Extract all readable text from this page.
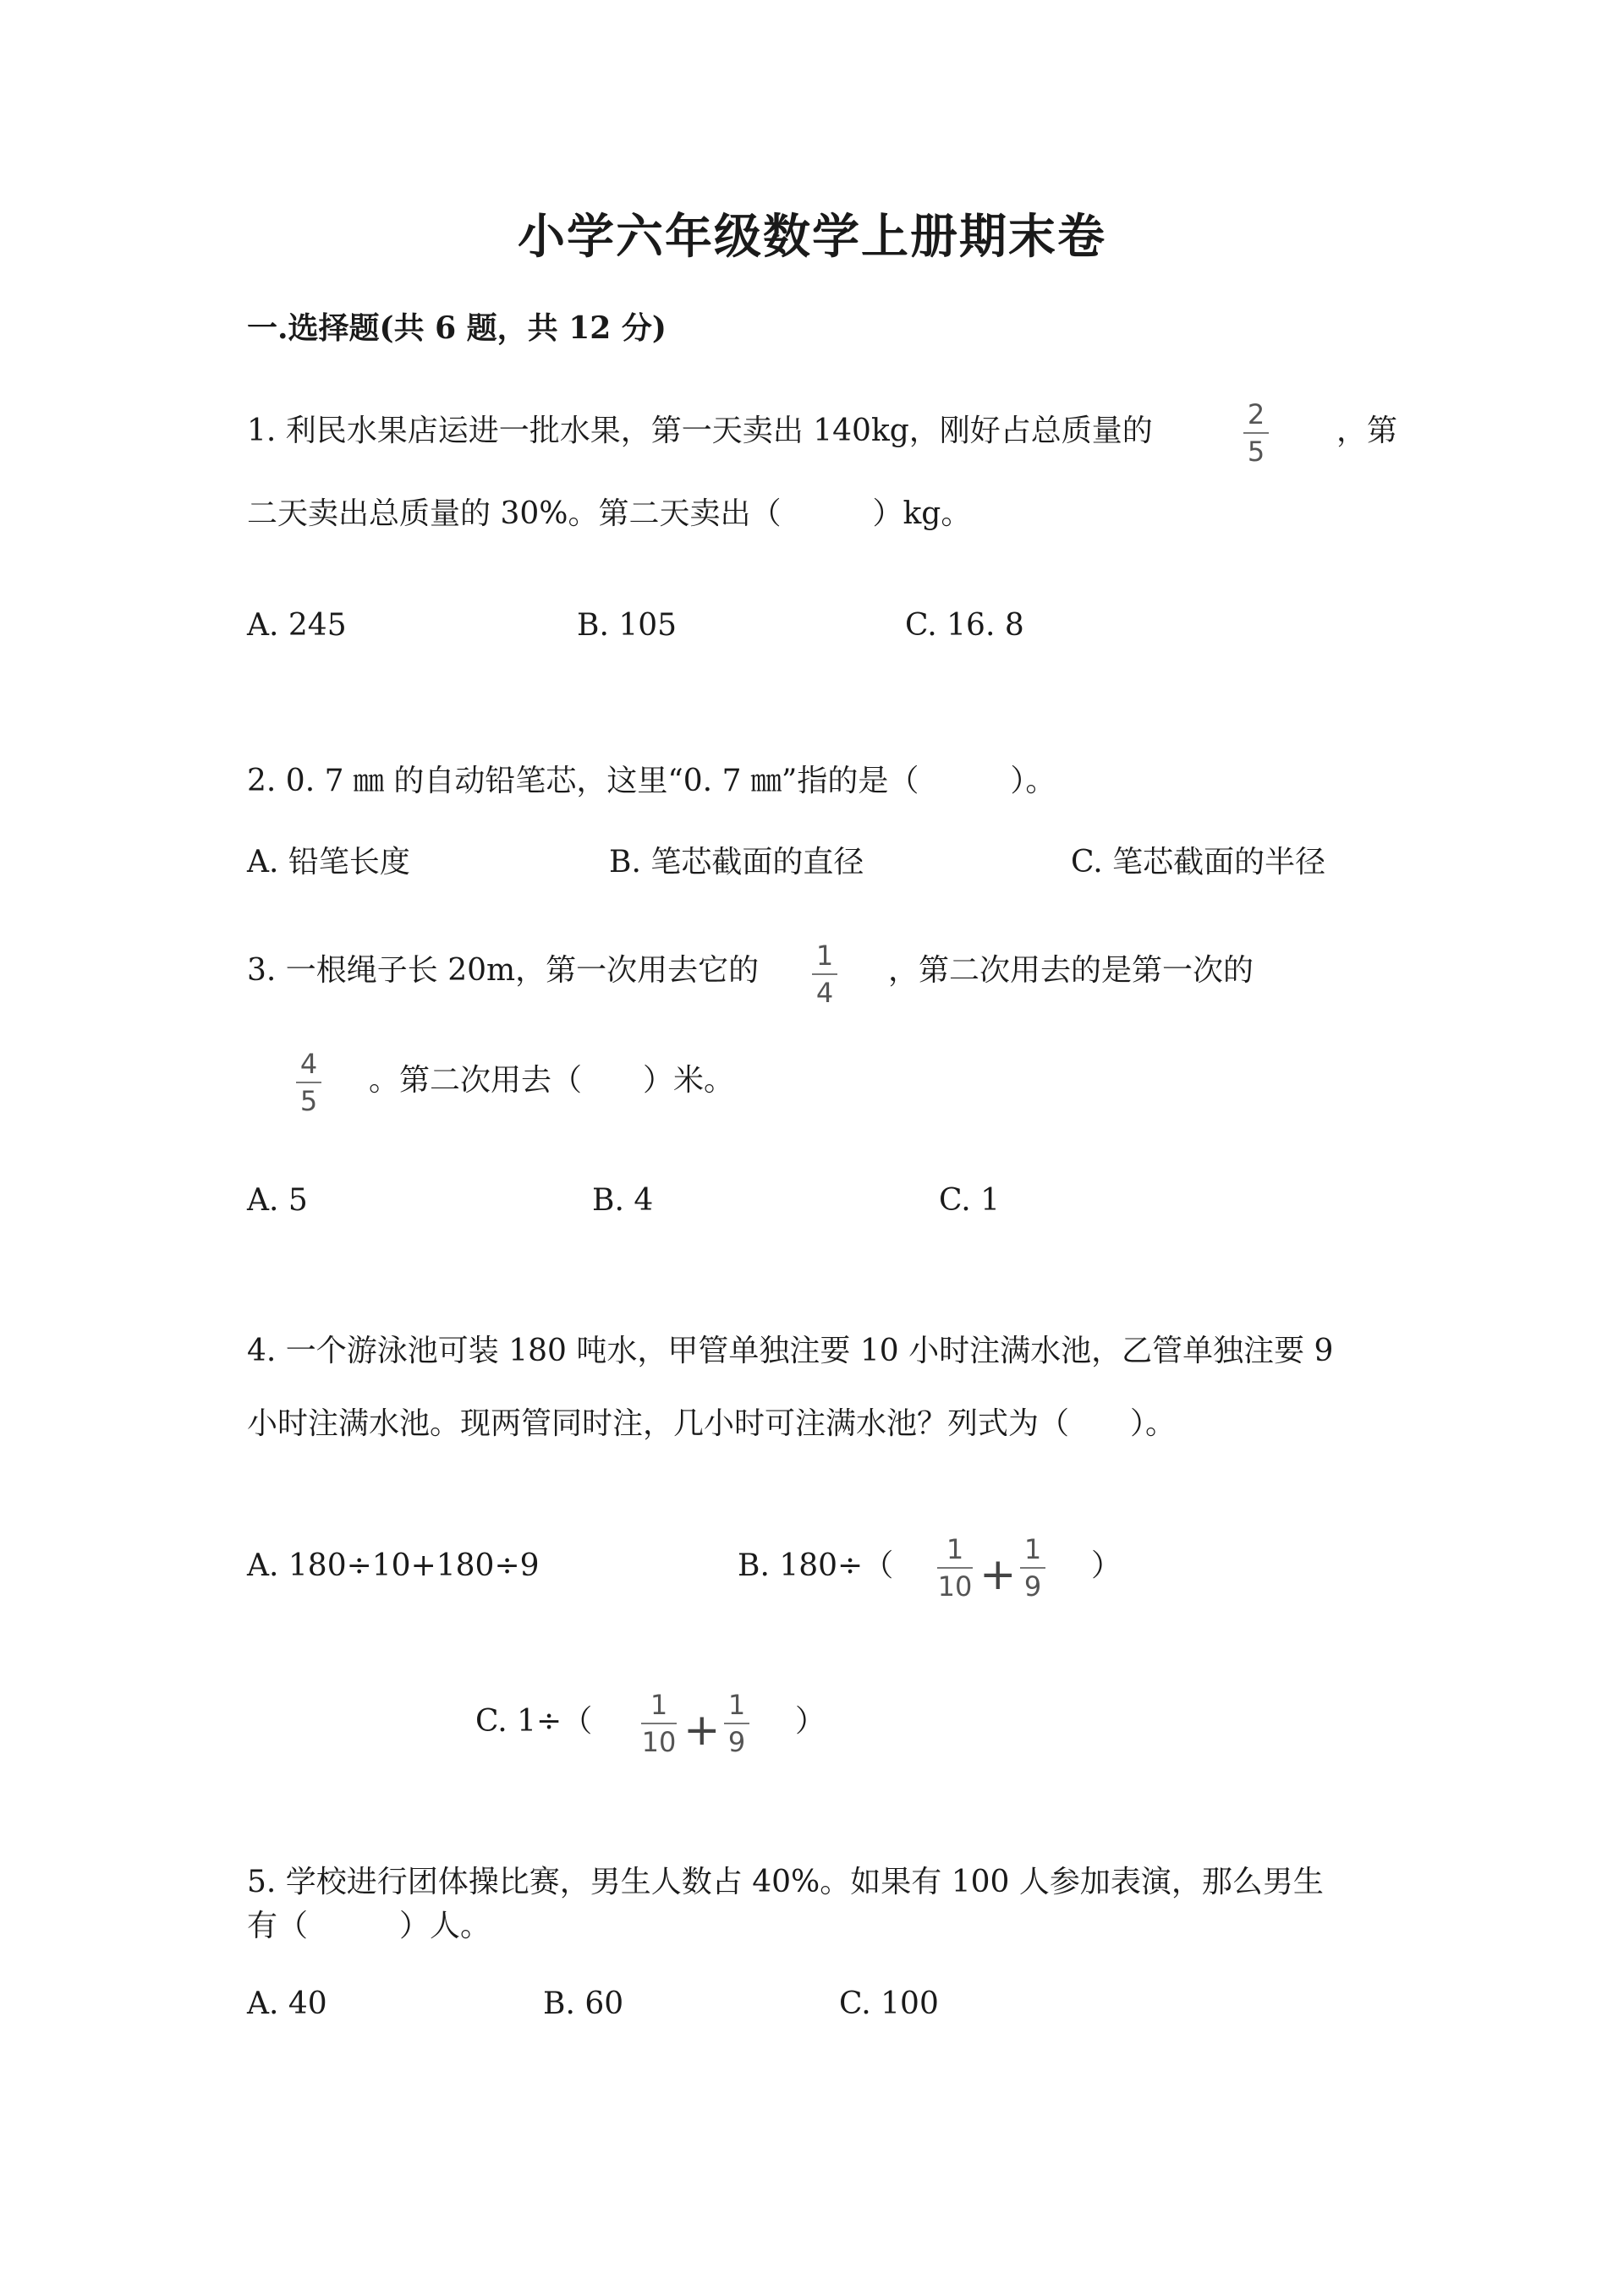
小学六年级数学上册期末卷
一.选择题(共 6 题，共 12 分)
1. 利民水果店运进一批水果，第一天卖出 140kg，刚好占总质量的	2
5
，第
二天卖出总质量的 30%。第二天卖出（　　　）kg。
A. 245	B. 105	C. 16. 8
2. 0. 7 ㎜ 的自动铅笔芯，这里“0. 7 ㎜”指的是（　　　）。
A. 铅笔长度	B. 笔芯截面的直径	C. 笔芯截面的半径
3. 一根绳子长 20m，第一次用去它的 1
4
，第二次用去的是第一次的
4
5
。第二次用去（　　）米。
A. 5	B. 4	C. 1
4. 一个游泳池可装 180 吨水，甲管单独注要 10 小时注满水池，乙管单独注要 9
小时注满水池。现两管同时注，几小时可注满水池？列式为（　　）。
A. 180÷10+180÷9	B. 180÷（ 1
10 + 1
9
）
C. 1÷（ 1
10 + 1
9
）
5. 学校进行团体操比赛，男生人数占 40%。如果有 100 人参加表演，那么男生
有（　　　）人。
A. 40	B. 60	C. 100
